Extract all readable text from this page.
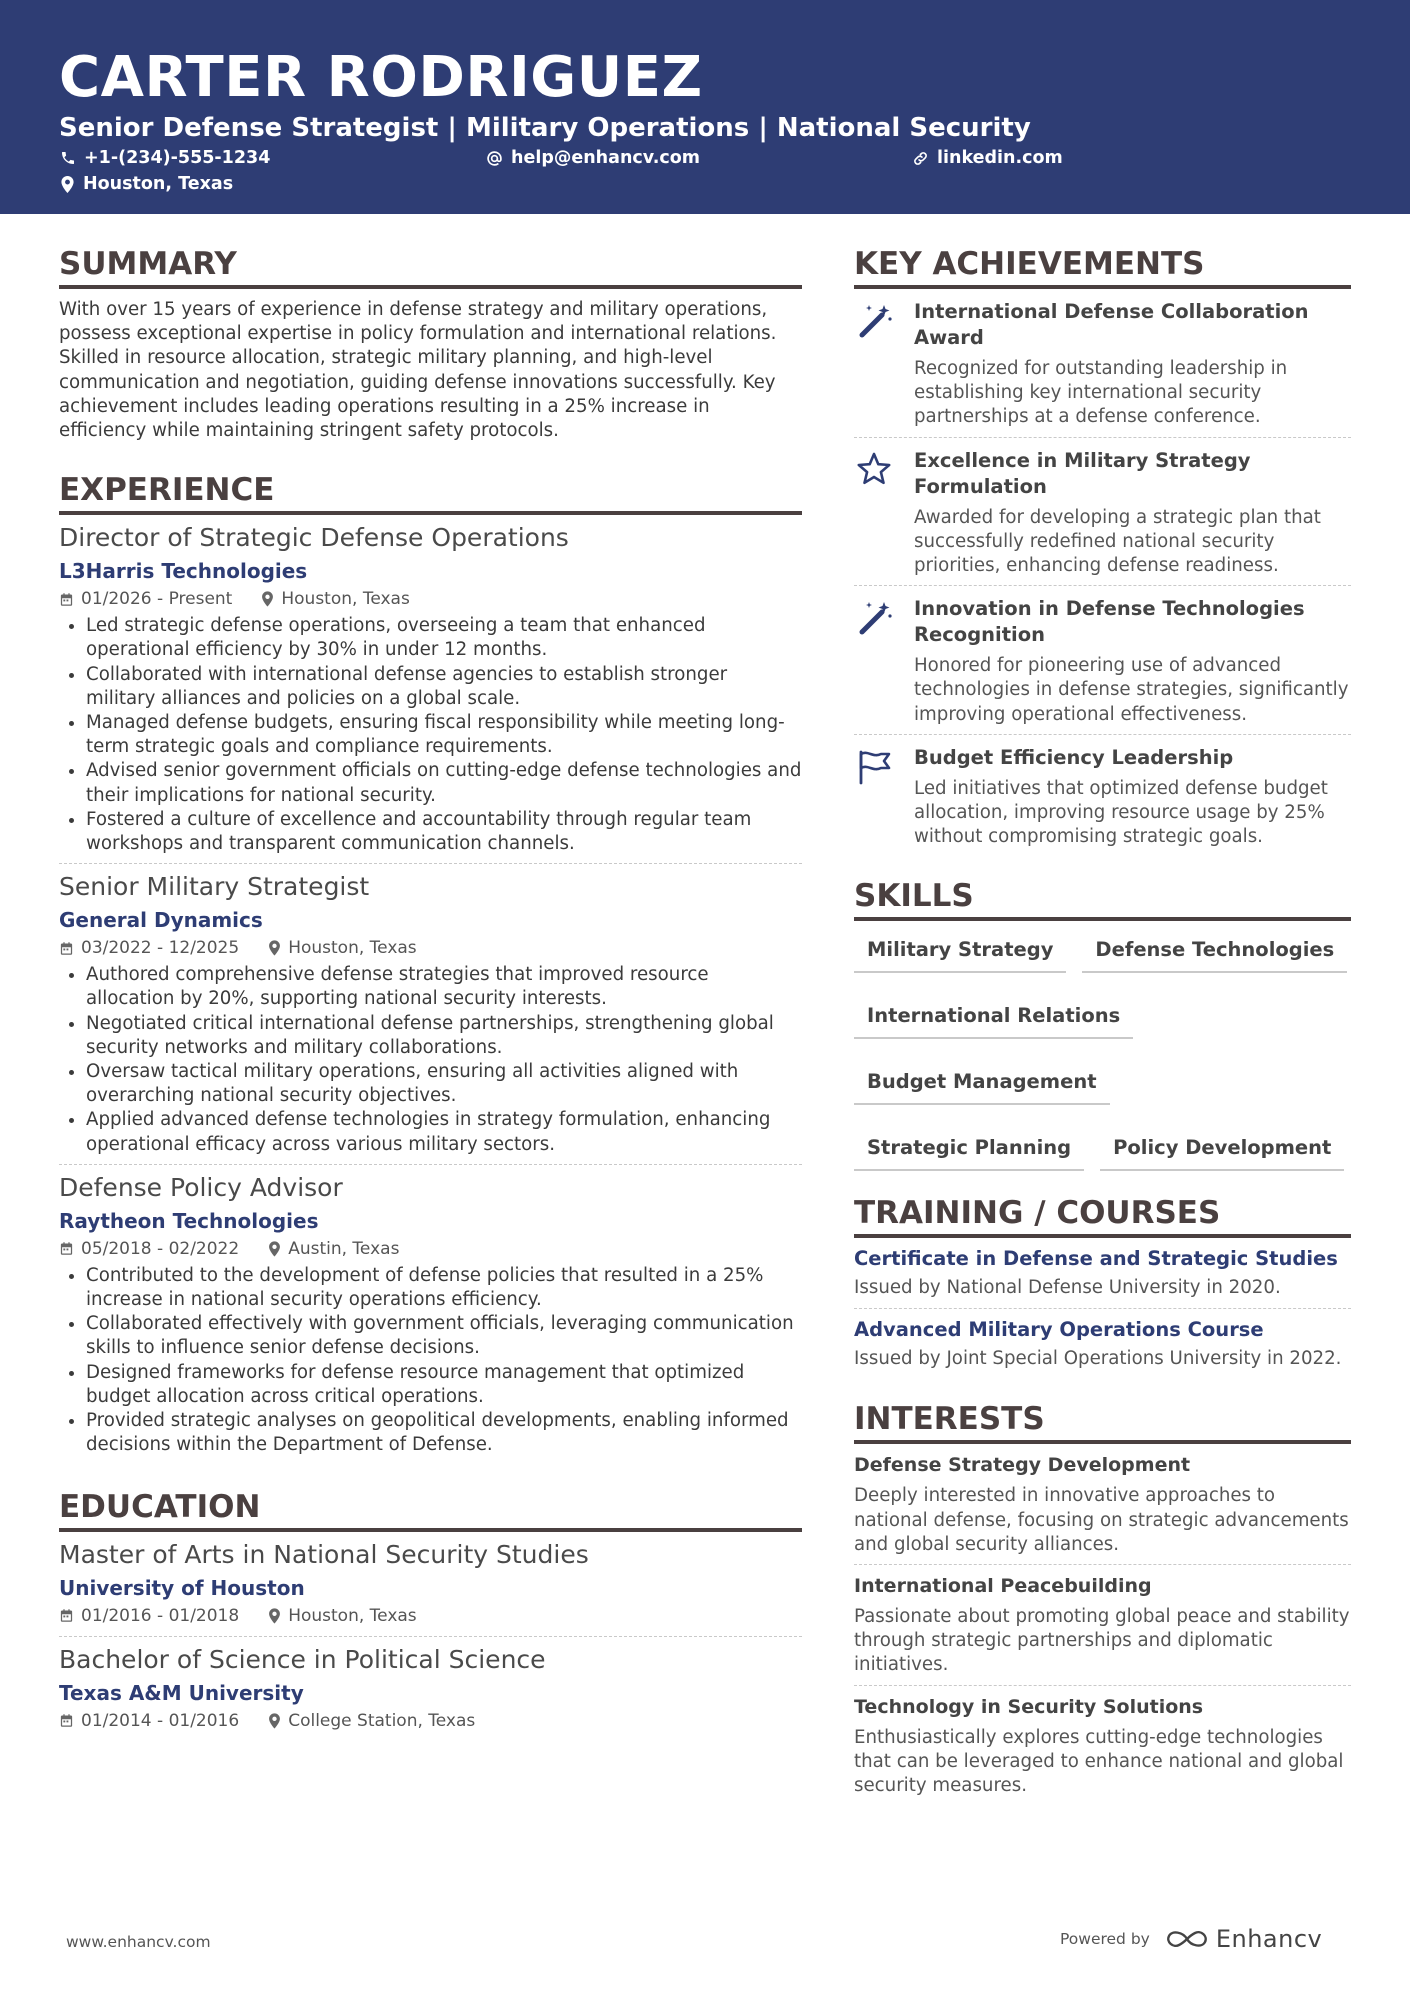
CARTER RODRIGUEZ

Senior Defense Strategist | Military Operations | National Security

+1-(234)-555-1234	help@enhancv.com	linkedin.com
Houston, Texas
SUMMARY

With over 15 years of experience in defense strategy and military operations, possess exceptional expertise in policy formulation and international relations. Skilled in resource allocation, strategic military planning, and high-level communication and negotiation, guiding defense innovations successfully. Key achievement includes leading operations resulting in a 25% increase in efficiency while maintaining stringent safety protocols.

EXPERIENCE
Director of Strategic Defense Operations
L3Harris Technologies
01/2026 - Present	Houston, Texas
• Led strategic defense operations, overseeing a team that enhanced operational efficiency by 30% in under 12 months.
• Collaborated with international defense agencies to establish stronger military alliances and policies on a global scale.
• Managed defense budgets, ensuring fiscal responsibility while meeting long-term strategic goals and compliance requirements.
• Advised senior government officials on cutting-edge defense technologies and their implications for national security.
• Fostered a culture of excellence and accountability through regular team workshops and transparent communication channels.
Senior Military Strategist
General Dynamics
03/2022 - 12/2025	Houston, Texas
• Authored comprehensive defense strategies that improved resource allocation by 20%, supporting national security interests.
• Negotiated critical international defense partnerships, strengthening global security networks and military collaborations.
• Oversaw tactical military operations, ensuring all activities aligned with overarching national security objectives.
• Applied advanced defense technologies in strategy formulation, enhancing operational efficacy across various military sectors.
Defense Policy Advisor
Raytheon Technologies
05/2018 - 02/2022	Austin, Texas
• Contributed to the development of defense policies that resulted in a 25% increase in national security operations efficiency.
• Collaborated effectively with government officials, leveraging communication skills to influence senior defense decisions.
• Designed frameworks for defense resource management that optimized budget allocation across critical operations.
• Provided strategic analyses on geopolitical developments, enabling informed decisions within the Department of Defense.
EDUCATION
Master of Arts in National Security Studies
University of Houston
01/2016 - 01/2018	Houston, Texas
Bachelor of Science in Political Science
Texas A&M University
01/2014 - 01/2016	College Station, Texas
KEY ACHIEVEMENTS
International Defense Collaboration Award

Recognized for outstanding leadership in establishing key international security partnerships at a defense conference.

Excellence in Military Strategy Formulation

Awarded for developing a strategic plan that successfully redefined national security priorities, enhancing defense readiness.

Innovation in Defense Technologies Recognition

Honored for pioneering use of advanced technologies in defense strategies, significantly improving operational effectiveness.

Budget Efficiency Leadership

Led initiatives that optimized defense budget allocation, improving resource usage by 25% without compromising strategic goals.

SKILLS
Military Strategy	Defense Technologies
International Relations
Budget Management
Strategic Planning	Policy Development
TRAINING / COURSES
Certificate in Defense and Strategic Studies

Issued by National Defense University in 2020.

Advanced Military Operations Course

Issued by Joint Special Operations University in 2022.

INTERESTS
Defense Strategy Development

Deeply interested in innovative approaches to national defense, focusing on strategic advancements and global security alliances.

International Peacebuilding

Passionate about promoting global peace and stability through strategic partnerships and diplomatic initiatives.

Technology in Security Solutions

Enthusiastically explores cutting-edge technologies that can be leveraged to enhance national and global security measures.

www.enhancv.com	Powered by	Enhancv
